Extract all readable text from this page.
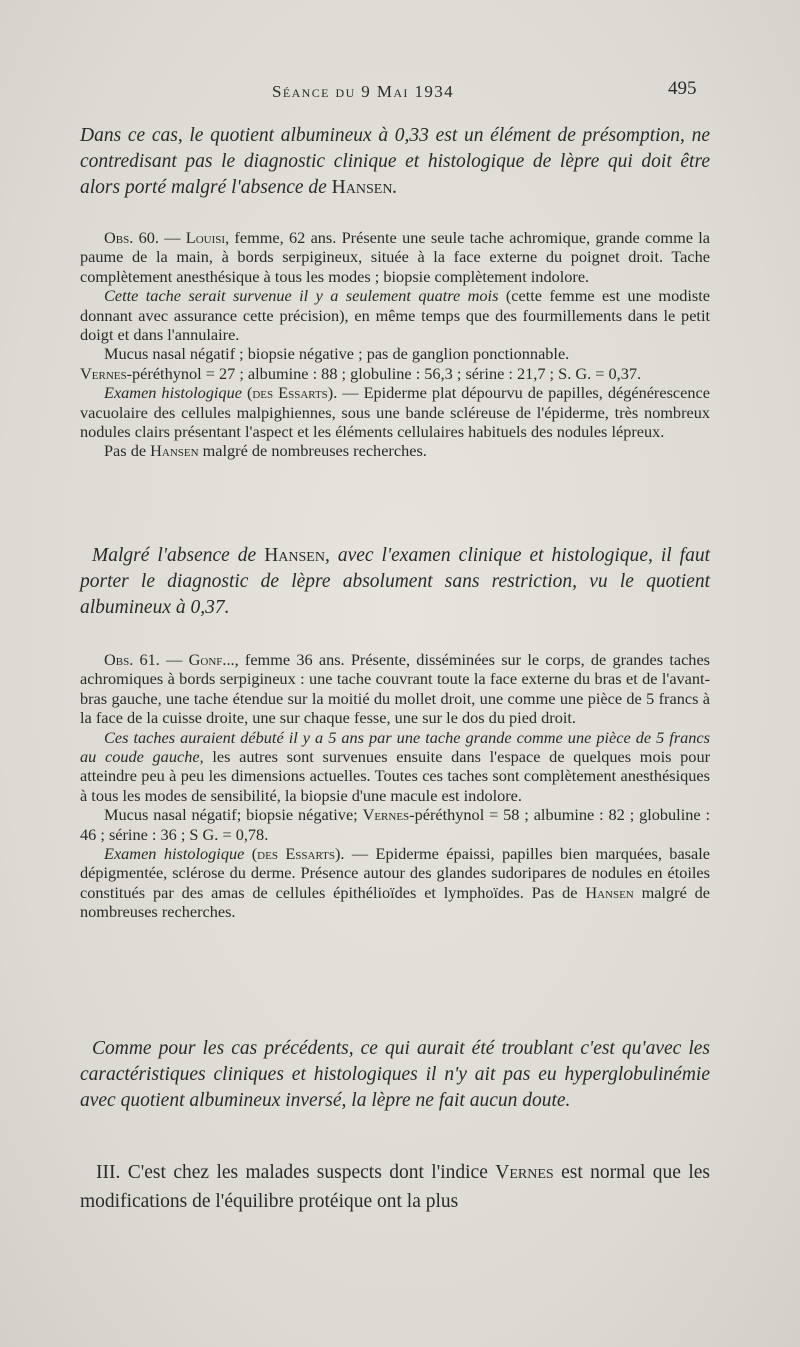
Séance du 9 Mai 1934	495

Dans ce cas, le quotient albumineux à 0,33 est un élément de présomption, ne contredisant pas le diagnostic clinique et histologique de lèpre qui doit être alors porté malgré l'absence de Hansen.

Obs. 60. — Louisi, femme, 62 ans. Présente une seule tache achromique, grande comme la paume de la main, à bords serpigineux, située à la face externe du poignet droit. Tache complètement anesthésique à tous les modes ; biopsie complètement indolore.

Cette tache serait survenue il y a seulement quatre mois (cette femme est une modiste donnant avec assurance cette précision), en même temps que des fourmillements dans le petit doigt et dans l'annulaire.

Mucus nasal négatif ; biopsie négative ; pas de ganglion ponctionnable.

Vernes-péréthynol = 27 ; albumine : 88 ; globuline : 56,3 ; sérine : 21,7 ; S. G. = 0,37.

Examen histologique (des Essarts). — Epiderme plat dépourvu de papilles, dégénérescence vacuolaire des cellules malpighiennes, sous une bande scléreuse de l'épiderme, très nombreux nodules clairs présentant l'aspect et les éléments cellulaires habituels des nodules lépreux.

Pas de Hansen malgré de nombreuses recherches.

Malgré l'absence de Hansen, avec l'examen clinique et histologique, il faut porter le diagnostic de lèpre absolument sans restriction, vu le quotient albumineux à 0,37.

Obs. 61. — Gonf..., femme 36 ans. Présente, disséminées sur le corps, de grandes taches achromiques à bords serpigineux : une tache couvrant toute la face externe du bras et de l'avant-bras gauche, une tache étendue sur la moitié du mollet droit, une comme une pièce de 5 francs à la face de la cuisse droite, une sur chaque fesse, une sur le dos du pied droit.

Ces taches auraient débuté il y a 5 ans par une tache grande comme une pièce de 5 francs au coude gauche, les autres sont survenues ensuite dans l'espace de quelques mois pour atteindre peu à peu les dimensions actuelles. Toutes ces taches sont complètement anesthésiques à tous les modes de sensibilité, la biopsie d'une macule est indolore.

Mucus nasal négatif; biopsie négative; Vernes-péréthynol = 58 ; albumine : 82 ; globuline : 46 ; sérine : 36 ; S G. = 0,78.

Examen histologique (des Essarts). — Epiderme épaissi, papilles bien marquées, basale dépigmentée, sclérose du derme. Présence autour des glandes sudoripares de nodules en étoiles constitués par des amas de cellules épithélioïdes et lymphoïdes. Pas de Hansen malgré de nombreuses recherches.

Comme pour les cas précédents, ce qui aurait été troublant c'est qu'avec les caractéristiques cliniques et histologiques il n'y ait pas eu hyperglobulinémie avec quotient albumineux inversé, la lèpre ne fait aucun doute.

III. C'est chez les malades suspects dont l'indice Vernes est normal que les modifications de l'équilibre protéique ont la plus
